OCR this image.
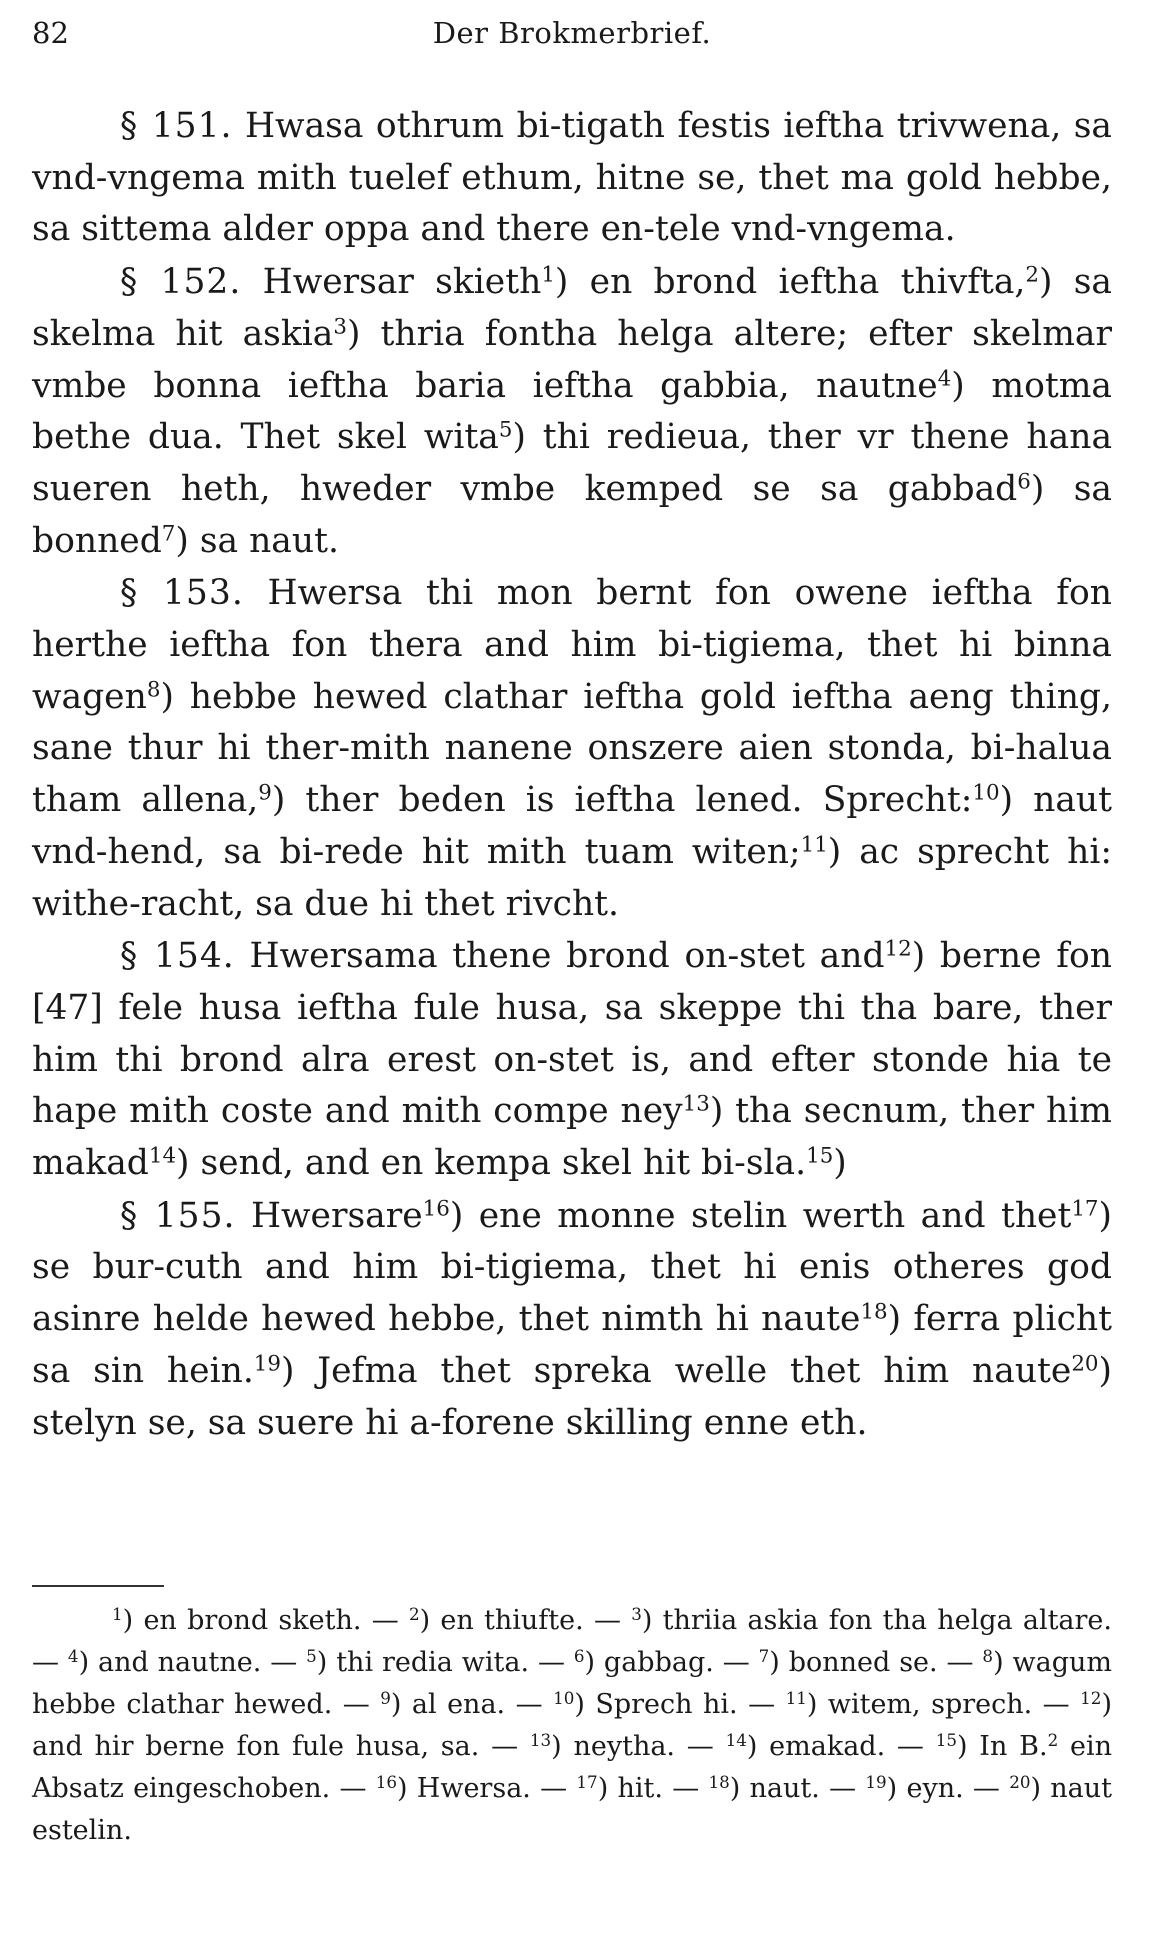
82	Der Brokmerbrief.

§ 151. Hwasa othrum bi-tigath festis ieftha trivwena, sa vnd-vngema mith tuelef ethum, hitne se, thet ma gold hebbe, sa sittema alder oppa and there en-tele vnd-vngema.

§ 152. Hwersar skieth$^1$) en brond ieftha thivfta,$^2$) sa skelma hit askia$^3$) thria fontha helga altere; efter skelmar vmbe bonna ieftha baria ieftha gabbia, nautne$^4$) motma bethe dua. Thet skel wita$^5$) thi redieua, ther vr thene hana sueren heth, hweder vmbe kemped se sa gabbad$^6$) sa bonned$^7$) sa naut.

§ 153. Hwersa thi mon bernt fon owene ieftha fon herthe ieftha fon thera and him bi-tigiema, thet hi binna wagen$^8$) hebbe hewed clathar ieftha gold ieftha aeng thing, sane thur hi ther-mith nanene onszere aien stonda, bi-halua tham allena,$^9$) ther beden is ieftha lened. Sprecht:$^{10}$) naut vnd-hend, sa bi-rede hit mith tuam witen;$^{11}$) ac sprecht hi: withe-racht, sa due hi thet rivcht.

§ 154. Hwersama thene brond on-stet and$^{12}$) berne fon [47] fele husa ieftha fule husa, sa skeppe thi tha bare, ther him thi brond alra erest on-stet is, and efter stonde hia te hape mith coste and mith compe ney$^{13}$) tha secnum, ther him makad$^{14}$) send, and en kempa skel hit bi-sla.$^{15}$)

§ 155. Hwersare$^{16}$) ene monne stelin werth and thet$^{17}$) se bur-cuth and him bi-tigiema, thet hi enis otheres god asinre helde hewed hebbe, thet nimth hi naute$^{18}$) ferra plicht sa sin hein.$^{19}$) Jefma thet spreka welle thet him naute$^{20}$) stelyn se, sa suere hi a-forene skilling enne eth.

$^1$) en brond sketh. — $^2$) en thiufte. — $^3$) thriia askia fon tha helga altare. — $^4$) and nautne. — $^5$) thi redia wita. — $^6$) gabbag. — $^7$) bonned se. — $^8$) wagum hebbe clathar hewed. — $^9$) al ena. — $^{10}$) Sprech hi. — $^{11}$) witem, sprech. — $^{12}$) and hir berne fon fule husa, sa. — $^{13}$) neytha. — $^{14}$) emakad. — $^{15}$) In B.$^2$ ein Absatz eingeschoben. — $^{16}$) Hwersa. — $^{17}$) hit. — $^{18}$) naut. — $^{19}$) eyn. — $^{20}$) naut estelin.
